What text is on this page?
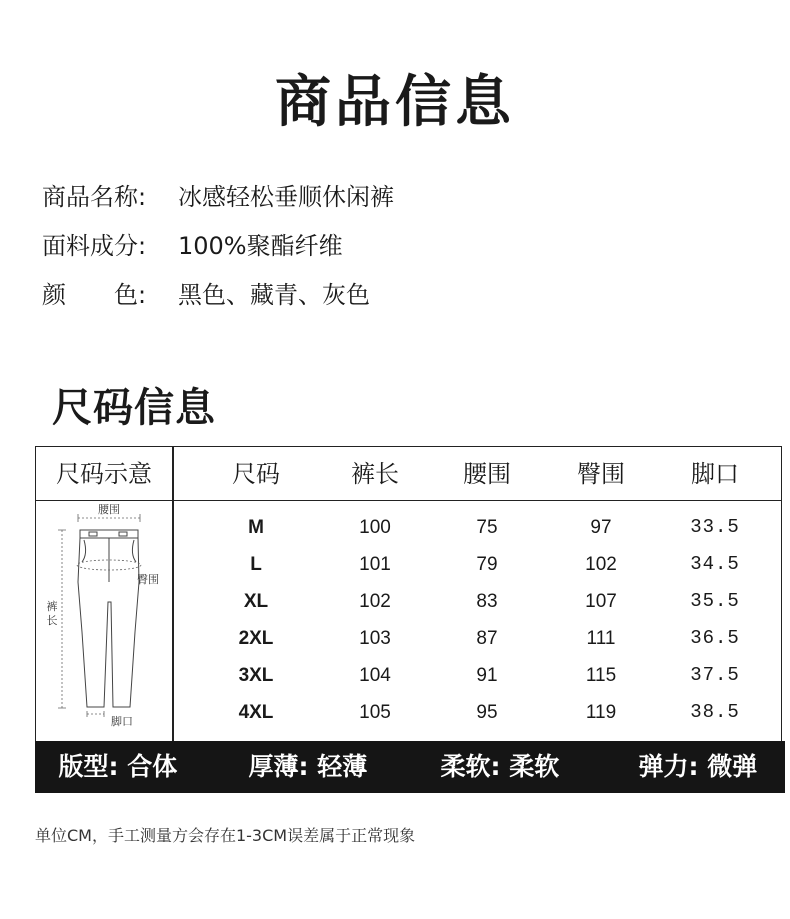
商品信息
商品名称:	冰感轻松垂顺休闲裤
面料成分:	100%聚酯纤维
颜　　色:	黑色、藏青、灰色
尺码信息
尺码示意	尺码	裤长	腰围	臀围	脚口
腰围
臀围
裤
长
脚口
M	100	75	97	33.5
L	101	79	102	34.5
XL	102	83	107	35.5
2XL	103	87	111	36.5
3XL	104	91	115	37.5
4XL	105	95	119	38.5
版型: 合体	厚薄: 轻薄	柔软: 柔软	弹力: 微弹
单位CM，手工测量方会存在1-3CM误差属于正常现象
